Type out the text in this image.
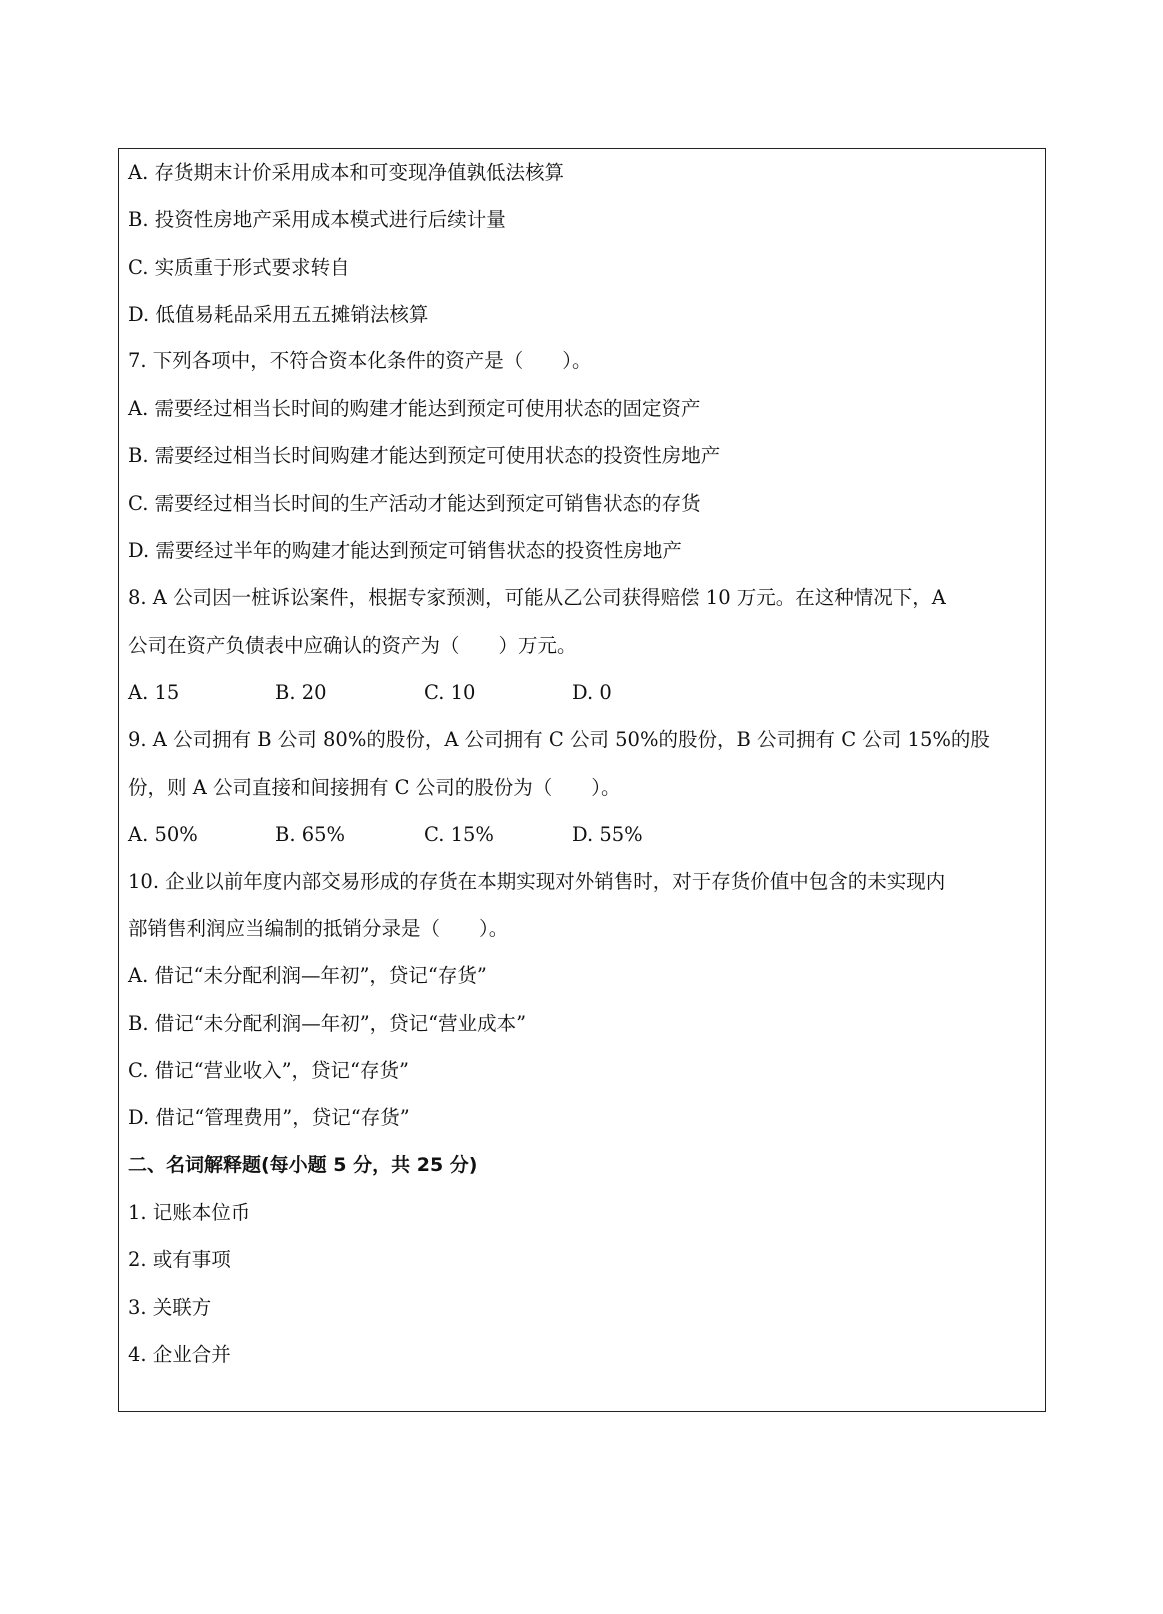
A. 存货期末计价采用成本和可变现净值孰低法核算
B. 投资性房地产采用成本模式进行后续计量
C. 实质重于形式要求转自
D. 低值易耗品采用五五摊销法核算
7. 下列各项中，不符合资本化条件的资产是（　　）。
A. 需要经过相当长时间的购建才能达到预定可使用状态的固定资产
B. 需要经过相当长时间购建才能达到预定可使用状态的投资性房地产
C. 需要经过相当长时间的生产活动才能达到预定可销售状态的存货
D. 需要经过半年的购建才能达到预定可销售状态的投资性房地产
8. A 公司因一桩诉讼案件，根据专家预测，可能从乙公司获得赔偿 10 万元。在这种情况下，A
公司在资产负债表中应确认的资产为（　　）万元。
A. 15	B. 20	C. 10	D. 0
9. A 公司拥有 B 公司 80%的股份，A 公司拥有 C 公司 50%的股份，B 公司拥有 C 公司 15%的股
份，则 A 公司直接和间接拥有 C 公司的股份为（　　）。
A. 50%	B. 65%	C. 15%	D. 55%
10. 企业以前年度内部交易形成的存货在本期实现对外销售时，对于存货价值中包含的未实现内
部销售利润应当编制的抵销分录是（　　）。
A. 借记“未分配利润—年初”，贷记“存货”
B. 借记“未分配利润—年初”，贷记“营业成本”
C. 借记“营业收入”，贷记“存货”
D. 借记“管理费用”，贷记“存货”
二、名词解释题(每小题 5 分，共 25 分)
1. 记账本位币
2. 或有事项
3. 关联方
4. 企业合并
